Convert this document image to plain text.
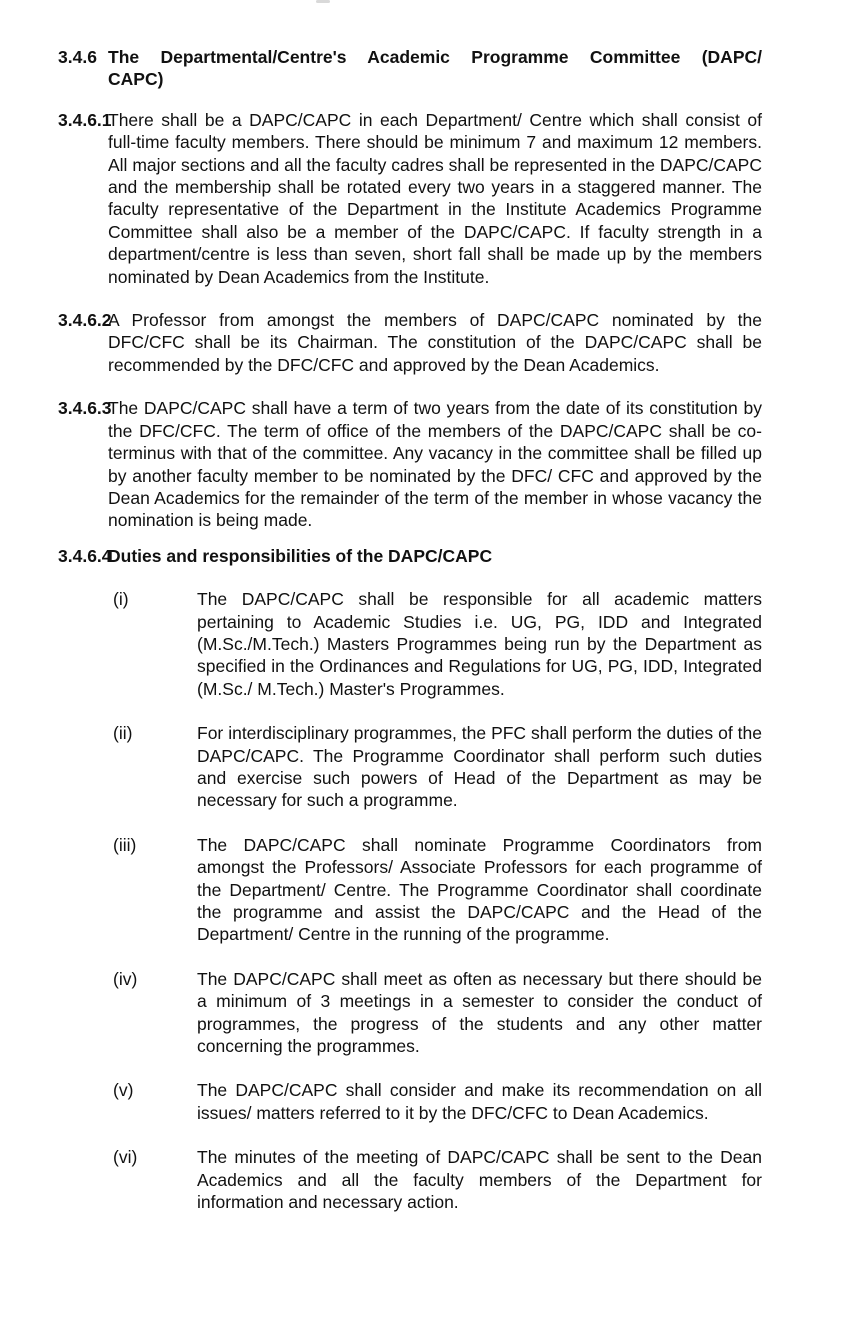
3.4.6 The Departmental/Centre's Academic Programme Committee (DAPC/
CAPC)
3.4.6.1
There shall be a DAPC/CAPC in each Department/ Centre which shall consist of full-time faculty members. There should be minimum 7 and maximum 12 members. All major sections and all the faculty cadres shall be represented in the DAPC/CAPC and the membership shall be rotated every two years in a staggered manner. The faculty representative of the Department in the Institute Academics Programme Committee shall also be a member of the DAPC/CAPC. If faculty strength in a department/centre is less than seven, short fall shall be made up by the members nominated by Dean Academics from the Institute.
3.4.6.2
A Professor from amongst the members of DAPC/CAPC nominated by the DFC/CFC shall be its Chairman. The constitution of the DAPC/CAPC shall be recommended by the DFC/CFC and approved by the Dean Academics.
3.4.6.3
The DAPC/CAPC shall have a term of two years from the date of its constitution by the DFC/CFC. The term of office of the members of the DAPC/CAPC shall be co-terminus with that of the committee. Any vacancy in the committee shall be filled up by another faculty member to be nominated by the DFC/ CFC and approved by the Dean Academics for the remainder of the term of the member in whose vacancy the nomination is being made.
3.4.6.4
Duties and responsibilities of the DAPC/CAPC
(i)	The DAPC/CAPC shall be responsible for all academic matters pertaining to Academic Studies i.e. UG, PG, IDD and Integrated (M.Sc./M.Tech.) Masters Programmes being run by the Department as specified in the Ordinances and Regulations for UG, PG, IDD, Integrated (M.Sc./ M.Tech.) Master's Programmes.
(ii)	For interdisciplinary programmes, the PFC shall perform the duties of the DAPC/CAPC. The Programme Coordinator shall perform such duties and exercise such powers of Head of the Department as may be necessary for such a programme.
(iii)	The DAPC/CAPC shall nominate Programme Coordinators from amongst the Professors/ Associate Professors for each programme of the Department/ Centre. The Programme Coordinator shall coordinate the programme and assist the DAPC/CAPC and the Head of the Department/ Centre in the running of the programme.
(iv)	The DAPC/CAPC shall meet as often as necessary but there should be a minimum of 3 meetings in a semester to consider the conduct of programmes, the progress of the students and any other matter concerning the programmes.
(v)	The DAPC/CAPC shall consider and make its recommendation on all issues/ matters referred to it by the DFC/CFC to Dean Academics.
(vi)	The minutes of the meeting of DAPC/CAPC shall be sent to the Dean Academics and all the faculty members of the Department for information and necessary action.
